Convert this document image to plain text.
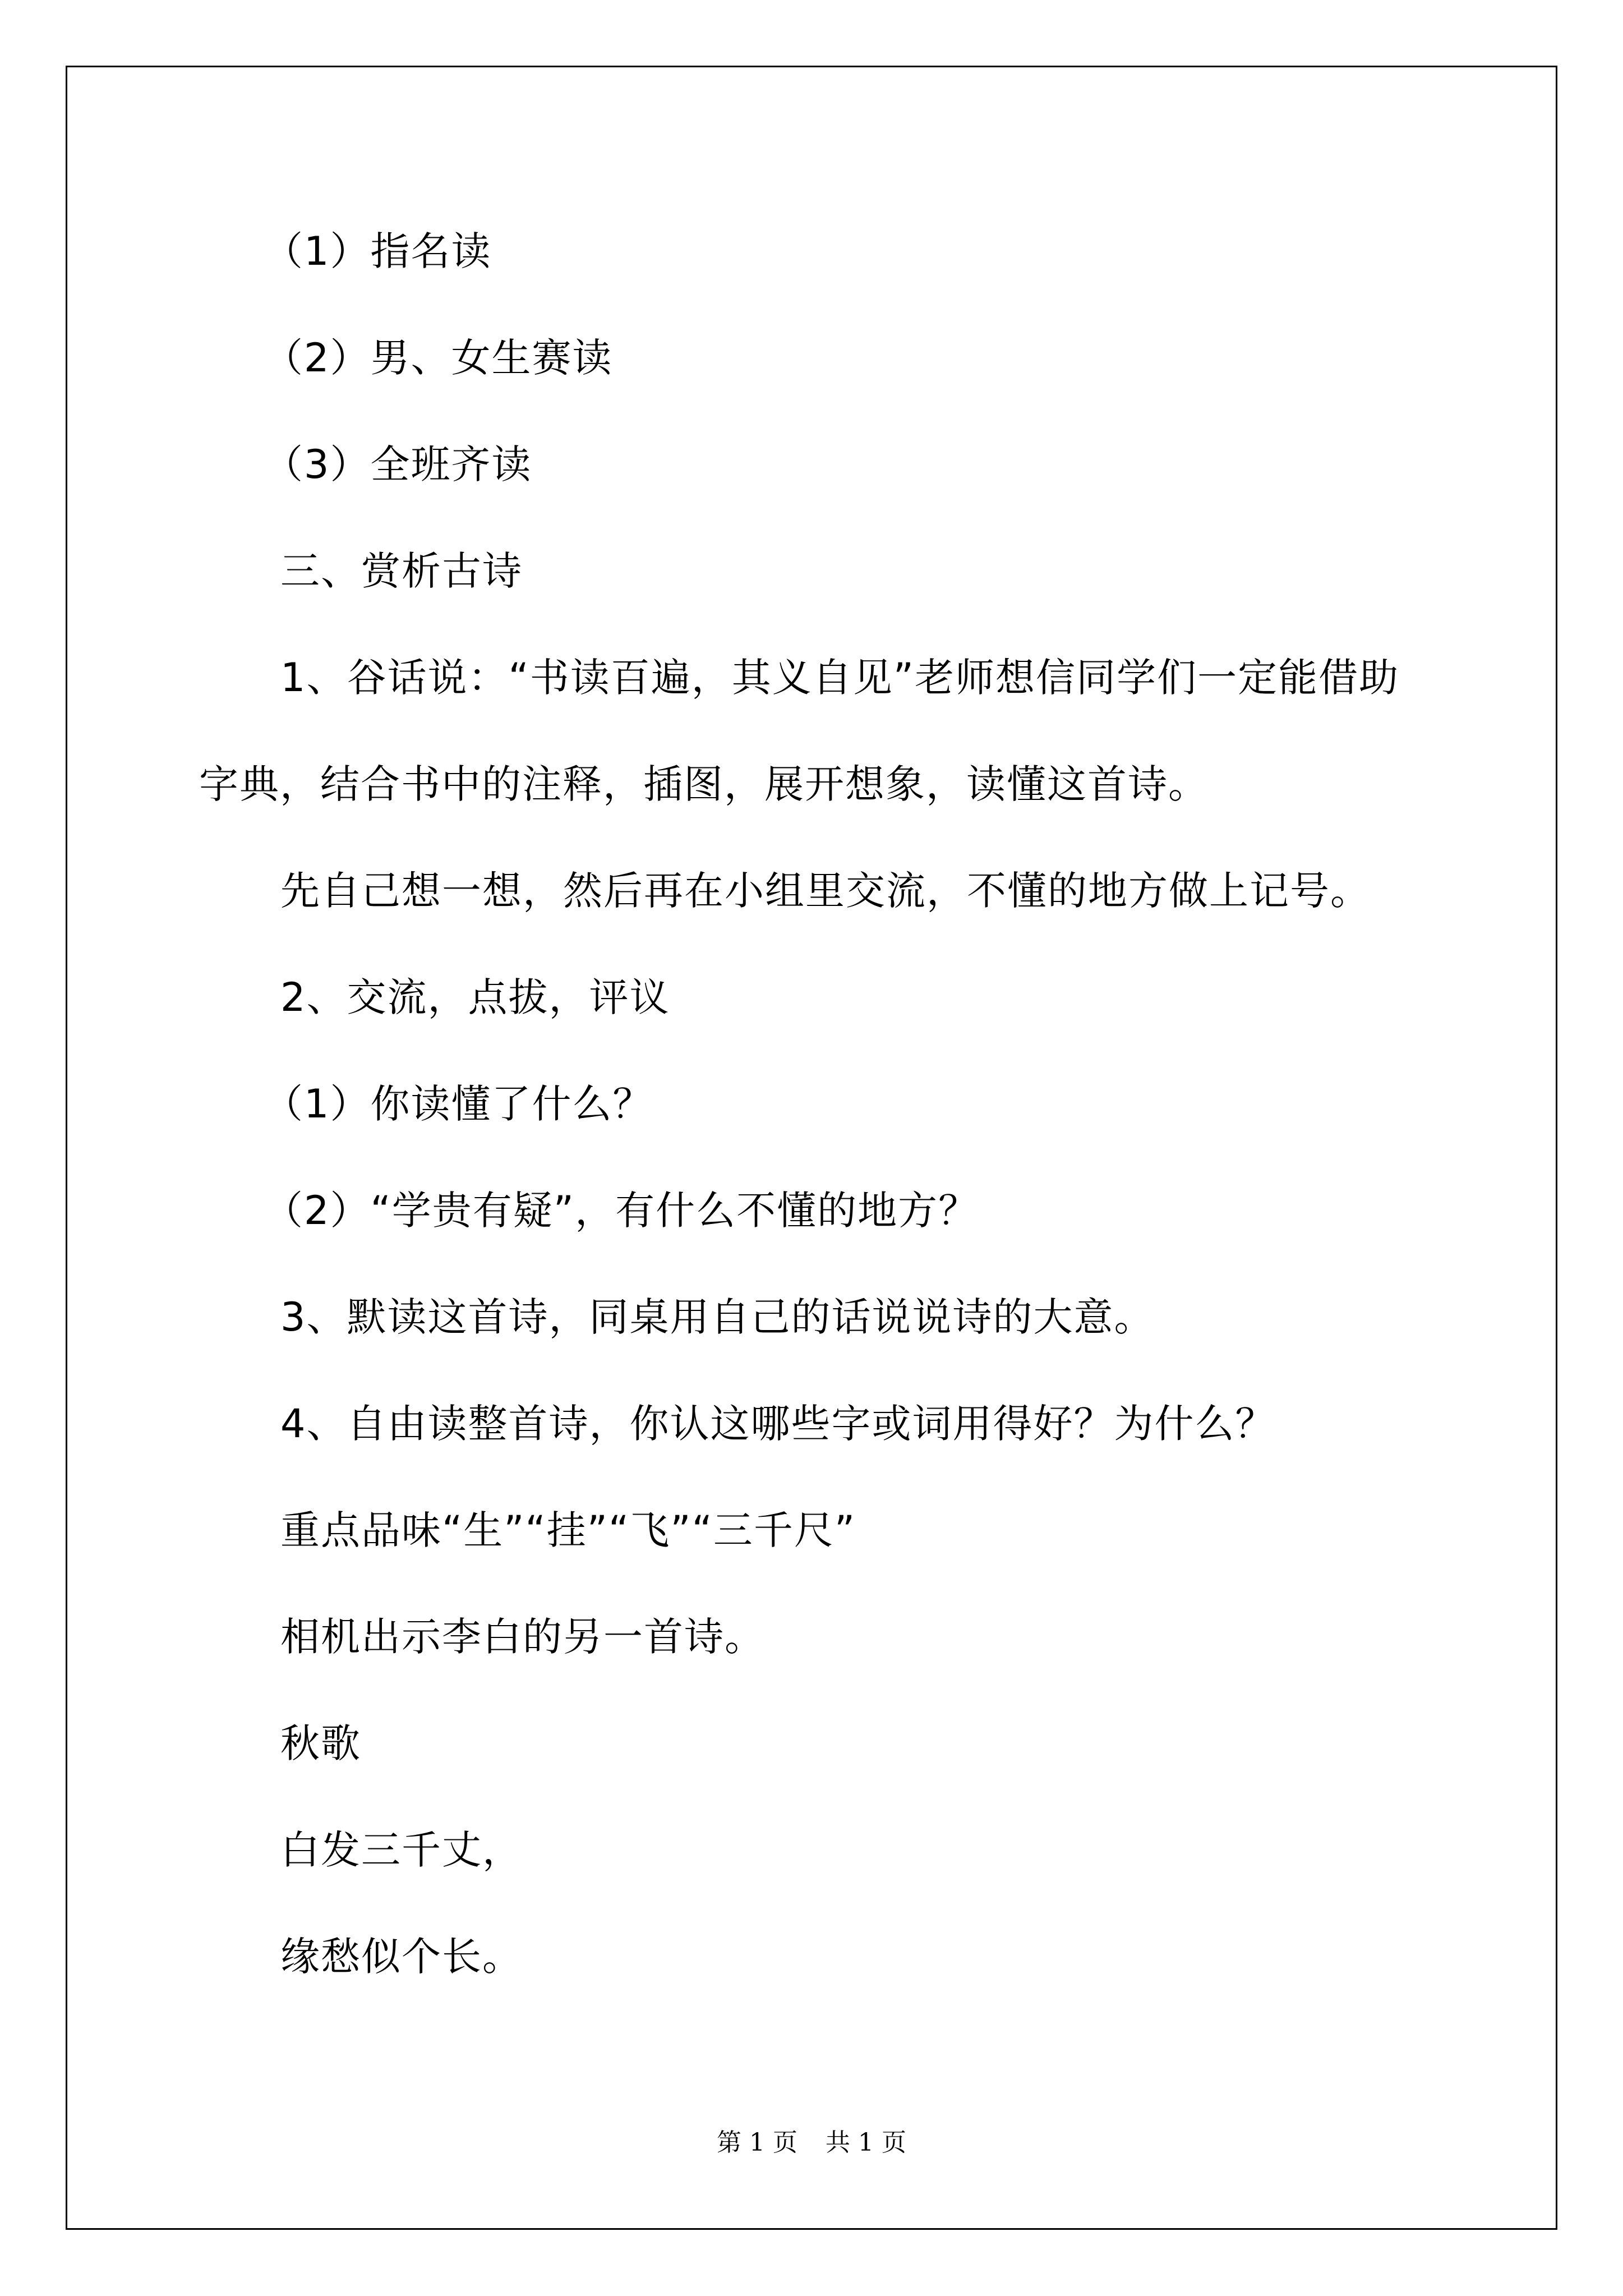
（1）指名读
（2）男、女生赛读
（3）全班齐读
三、赏析古诗
1、谷话说：“书读百遍，其义自见”老师想信同学们一定能借助
字典，结合书中的注释，插图，展开想象，读懂这首诗。
先自己想一想，然后再在小组里交流，不懂的地方做上记号。
2、交流，点拔，评议
（1）你读懂了什么？
（2）“学贵有疑”，有什么不懂的地方？
3、默读这首诗，同桌用自己的话说说诗的大意。
4、自由读整首诗，你认这哪些字或词用得好？为什么？
重点品味“生”“挂”“飞”“三千尺”
相机出示李白的另一首诗。
秋歌
白发三千丈，
缘愁似个长。
第 1 页 共 1 页
